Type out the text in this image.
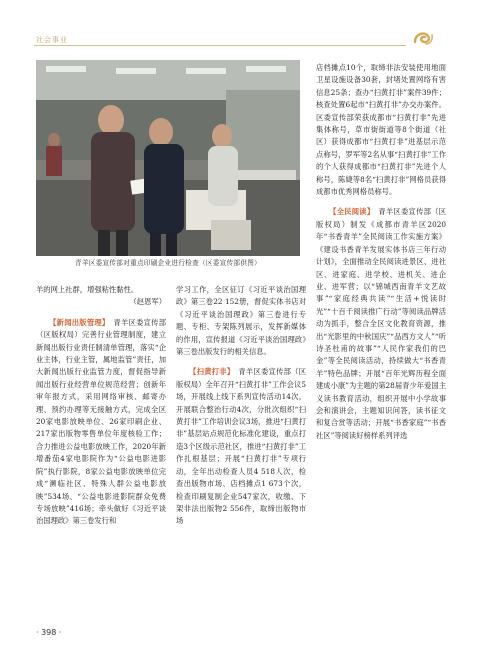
社会事业
青羊区委宣传部对重点印刷企业进行检查（区委宣传部供图）

羊的网上社群，增强粘性黏性。

（赵恩军）

【新闻出版管理】 青羊区委宣传部（区版权局）完善行业管理制度，建立新闻出版行业责任制清单管理，落实“企业主体，行业主管，属地监管”责任，加大新闻出版行业监管力度，督促指导新闻出版行业经营单位规范经营；创新年审年报方式，采用网络审核、邮寄办理、预约办理等无接触方式，完成全区20家电影放映单位、26家印刷企业、217家出版物零售单位年度核验工作；合力推进公益电影放映工作，2020年新增番茄4家电影院作为“公益电影进影院”执行影院，8家公益电影放映单位完成“濒临社区、特殊人群公益电影放映”534场、“公益电影进影院群众免费专场放映”416场；牵头做好《习近平谈治国理政》第三卷发行和

学习工作，全区征订《习近平谈治国理政》第三卷22 152册，督促实体书店对《习近平谈治国理政》第三卷进行专题、专柜、专架陈列展示，发挥新媒体的作用，宣传报道《习近平谈治国理政》第三卷出版发行的相关信息。

【扫黄打非】 青羊区委宣传部（区版权局）全年召开“扫黄打非”工作会议5场，开展线上线下系列宣传活动14次，开展联合整治行动4次，分批次组织“扫黄打非”工作培训会议3场，推进“扫黄打非”基层站点规范化标准化建设，重点打造3个区级示范社区，推进“扫黄打非”工作扎根基层；开展“扫黄打非”专项行动，全年出动检查人员4 518人次，检查出版物市场、店档摊点1 673个次，检查印刷复制企业547家次，收缴、下架非法出版物2 556件，取缔出版物市场

店档摊点10个，取缔非法安装使用地面卫星设施设备30套，封堵处置网络有害信息25条；查办“扫黄打非”案件39件；核查处置6起市“扫黄打非”办交办案件。区委宣传部荣获成都市“扫黄打非”先进集体称号，草市街街道等8个街道（社区）获得成都市“扫黄打非”进基层示范点称号，罗军等2名从事“扫黄打非”工作的个人获得成都市“扫黄打非”先进个人称号，陈婕等8名“扫黄打非”网格员获得成都市优秀网格员称号。

【全民阅读】 青羊区委宣传部（区版权局）制发《成都市青羊区2020年“书香青羊”全民阅读工作实施方案》《建设书香青羊发展实体书店三年行动计划》，全面推动全民阅读进景区、进社区、进家庭、进学校、进机关、进企业、进军营；以“锦城西南青羊文艺故事”“家庭经典共读”“生活+悦读时光”“十百千阅读推广行动”等阅读品牌活动为抓手，整合全区文化教育资源，推出“光影里的中秋国庆”“品西方文人”“听诗圣杜甫的故事”“人民作家我们的巴金”等全民阅读活动，持续做大“书香青羊”特色品牌；开展“百年光辉历程全面建成小康”为主题的第28届青少年爱国主义读书教育活动，组织开展中小学故事会和演讲会，主题知识问答，读书征文和复合赏等活动；开展“书香家庭”“书香社区”等阅读好榜样系列评选

· 398 ·
